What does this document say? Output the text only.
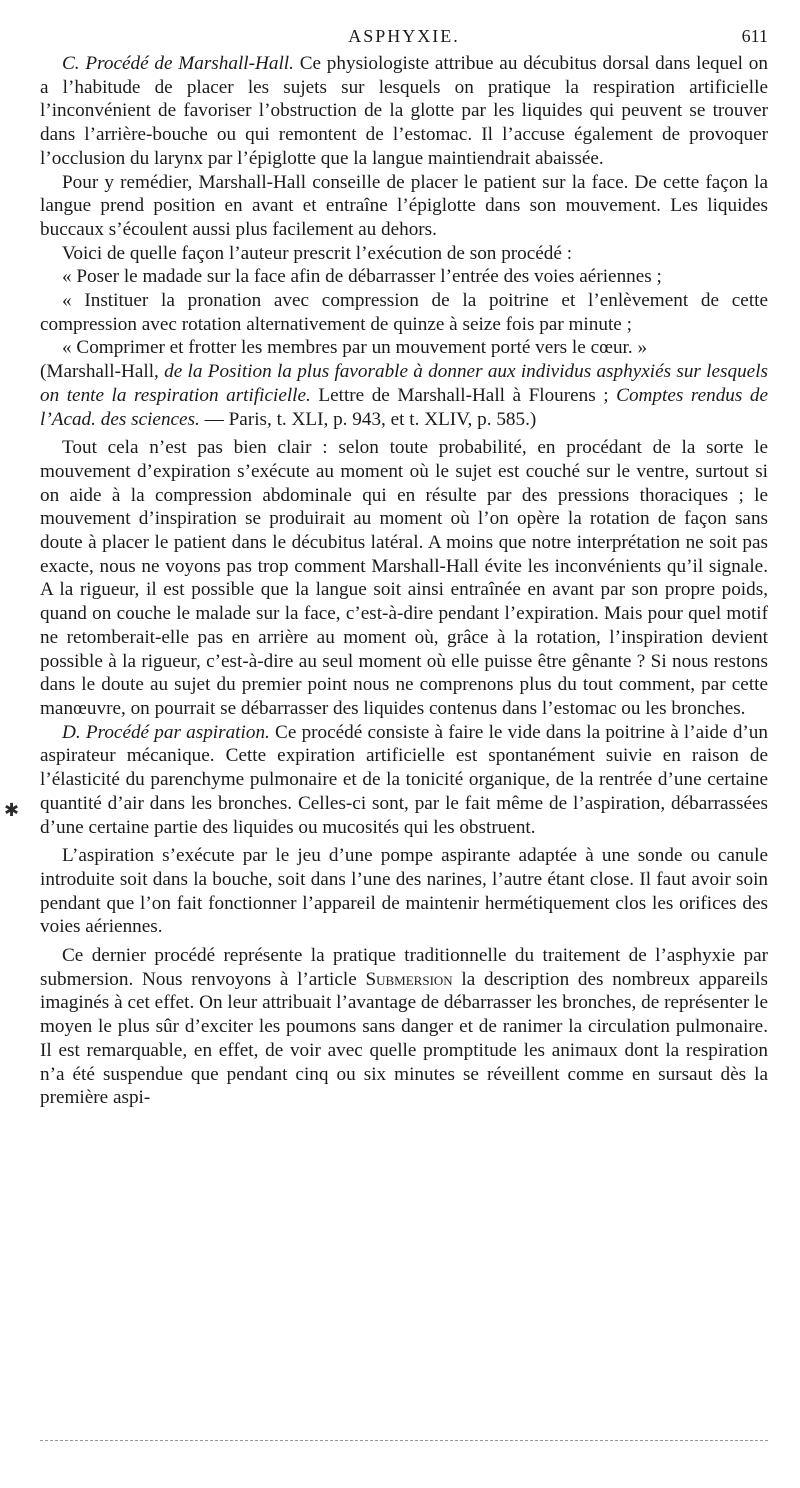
ASPHYXIE.	611

C. Procédé de Marshall-Hall. Ce physiologiste attribue au décubitus dorsal dans lequel on a l’habitude de placer les sujets sur lesquels on pratique la respiration artificielle l’inconvénient de favoriser l’obstruction de la glotte par les liquides qui peuvent se trouver dans l’arrière-bouche ou qui remontent de l’estomac. Il l’accuse également de provoquer l’occlusion du larynx par l’épiglotte que la langue maintiendrait abaissée.

Pour y remédier, Marshall-Hall conseille de placer le patient sur la face. De cette façon la langue prend position en avant et entraîne l’épiglotte dans son mouvement. Les liquides buccaux s’écoulent aussi plus facilement au dehors.

Voici de quelle façon l’auteur prescrit l’exécution de son procédé :

« Poser le madade sur la face afin de débarrasser l’entrée des voies aériennes ;

« Instituer la pronation avec compression de la poitrine et l’enlèvement de cette compression avec rotation alternativement de quinze à seize fois par minute ;

« Comprimer et frotter les membres par un mouvement porté vers le cœur. »

(Marshall-Hall, de la Position la plus favorable à donner aux individus asphyxiés sur lesquels on tente la respiration artificielle. Lettre de Marshall-Hall à Flourens ; Comptes rendus de l’Acad. des sciences. — Paris, t. XLI, p. 943, et t. XLIV, p. 585.)

Tout cela n’est pas bien clair : selon toute probabilité, en procédant de la sorte le mouvement d’expiration s’exécute au moment où le sujet est couché sur le ventre, surtout si on aide à la compression abdominale qui en résulte par des pressions thoraciques ; le mouvement d’inspiration se produirait au moment où l’on opère la rotation de façon sans doute à placer le patient dans le décubitus latéral. A moins que notre interprétation ne soit pas exacte, nous ne voyons pas trop comment Marshall-Hall évite les inconvénients qu’il signale. A la rigueur, il est possible que la langue soit ainsi entraînée en avant par son propre poids, quand on couche le malade sur la face, c’est-à-dire pendant l’expiration. Mais pour quel motif ne retomberait-elle pas en arrière au moment où, grâce à la rotation, l’inspiration devient possible à la rigueur, c’est-à-dire au seul moment où elle puisse être gênante ? Si nous restons dans le doute au sujet du premier point nous ne comprenons plus du tout comment, par cette manœuvre, on pourrait se débarrasser des liquides contenus dans l’estomac ou les bronches.

D. Procédé par aspiration. Ce procédé consiste à faire le vide dans la poitrine à l’aide d’un aspirateur mécanique. Cette expiration artificielle est spontanément suivie en raison de l’élasticité du parenchyme pulmonaire et de la tonicité organique, de la rentrée d’une certaine quantité d’air dans les bronches. Celles-ci sont, par le fait même de l’aspiration, débarrassées d’une certaine partie des liquides ou mucosités qui les obstruent.

L’aspiration s’exécute par le jeu d’une pompe aspirante adaptée à une sonde ou canule introduite soit dans la bouche, soit dans l’une des narines, l’autre étant close. Il faut avoir soin pendant que l’on fait fonctionner l’appareil de maintenir hermétiquement clos les orifices des voies aériennes.

Ce dernier procédé représente la pratique traditionnelle du traitement de l’asphyxie par submersion. Nous renvoyons à l’article Submersion la description des nombreux appareils imaginés à cet effet. On leur attribuait l’avantage de débarrasser les bronches, de représenter le moyen le plus sûr d’exciter les poumons sans danger et de ranimer la circulation pulmonaire. Il est remarquable, en effet, de voir avec quelle promptitude les animaux dont la respiration n’a été suspendue que pendant cinq ou six minutes se réveillent comme en sursaut dès la première aspi-

✱
